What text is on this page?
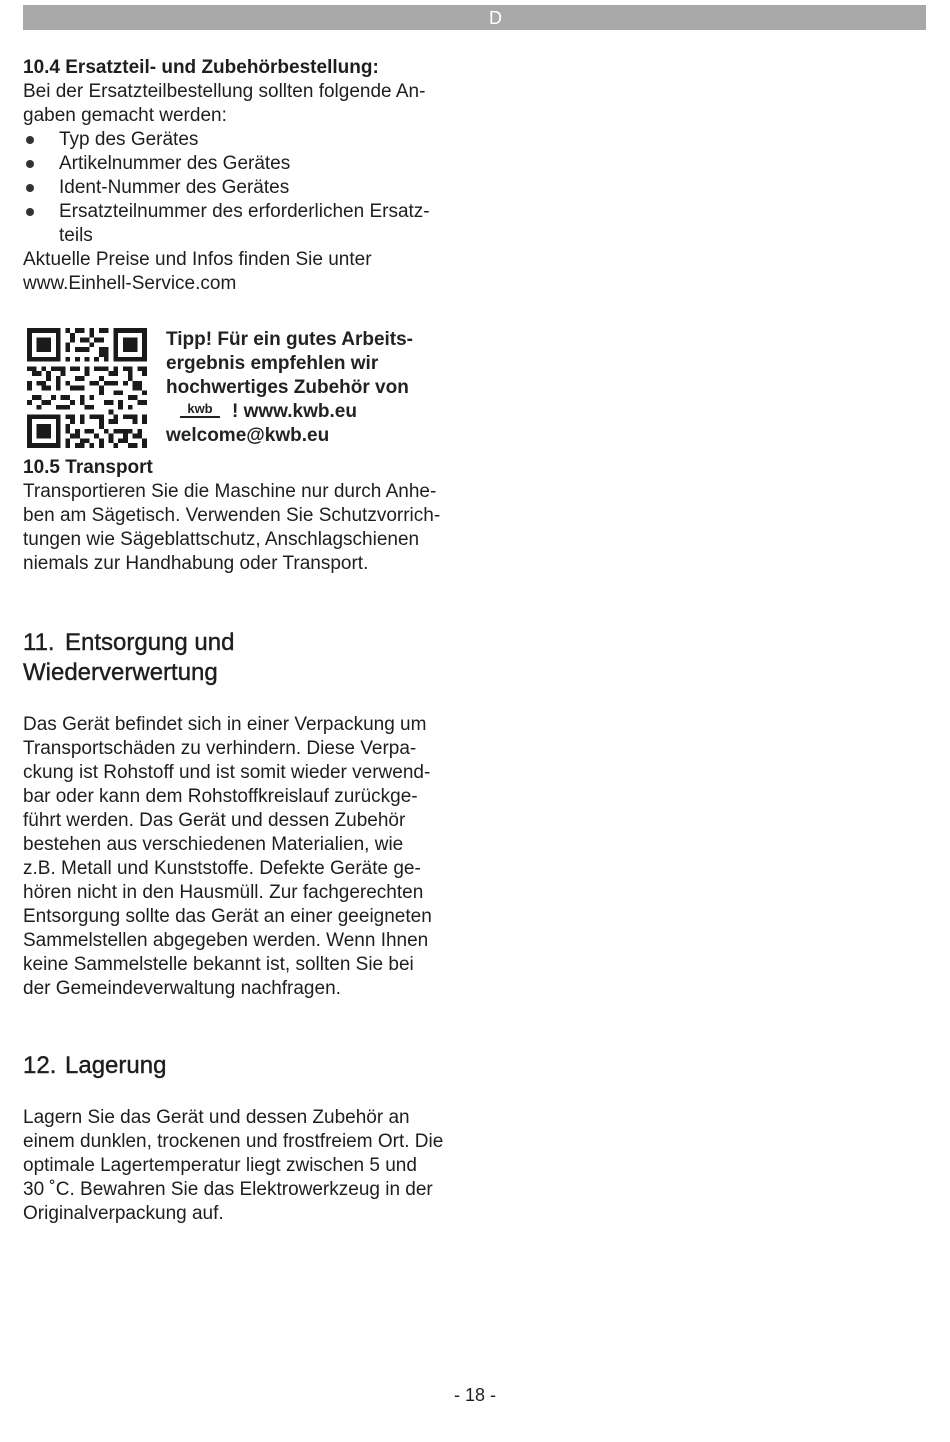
D

10.4 Ersatzteil- und Zubehörbestellung:

Bei der Ersatzteilbestellung sollten folgende An-

gaben gemacht werden:

Typ des Gerätes
Artikelnummer des Gerätes
Ident-Nummer des Gerätes
Ersatzteilnummer des erforderlichen Ersatz-
teils

Aktuelle Preise und Infos finden Sie unter

www.Einhell-Service.com

Tipp! Für ein gutes Arbeits-
ergebnis empfehlen wir
hochwertiges Zubehör von
kwb ! www.kwb.eu
welcome@kwb.eu

10.5 Transport

Transportieren Sie die Maschine nur durch Anhe-

ben am Sägetisch. Verwenden Sie Schutzvorrich-

tungen wie Sägeblattschutz, Anschlagschienen

niemals zur Handhabung oder Transport.

11. Entsorgung und
Wiederverwertung

Das Gerät befindet sich in einer Verpackung um

Transportschäden zu verhindern. Diese Verpa-

ckung ist Rohstoff und ist somit wieder verwend-

bar oder kann dem Rohstoffkreislauf zurückge-

führt werden. Das Gerät und dessen Zubehör

bestehen aus verschiedenen Materialien, wie

z.B. Metall und Kunststoffe. Defekte Geräte ge-

hören nicht in den Hausmüll. Zur fachgerechten

Entsorgung sollte das Gerät an einer geeigneten

Sammelstellen abgegeben werden. Wenn Ihnen

keine Sammelstelle bekannt ist, sollten Sie bei

der Gemeindeverwaltung nachfragen.

12. Lagerung

Lagern Sie das Gerät und dessen Zubehör an

einem dunklen, trockenen und frostfreiem Ort. Die

optimale Lagertemperatur liegt zwischen 5 und

30 ˚C. Bewahren Sie das Elektrowerkzeug in der

Originalverpackung auf.

- 18 -
